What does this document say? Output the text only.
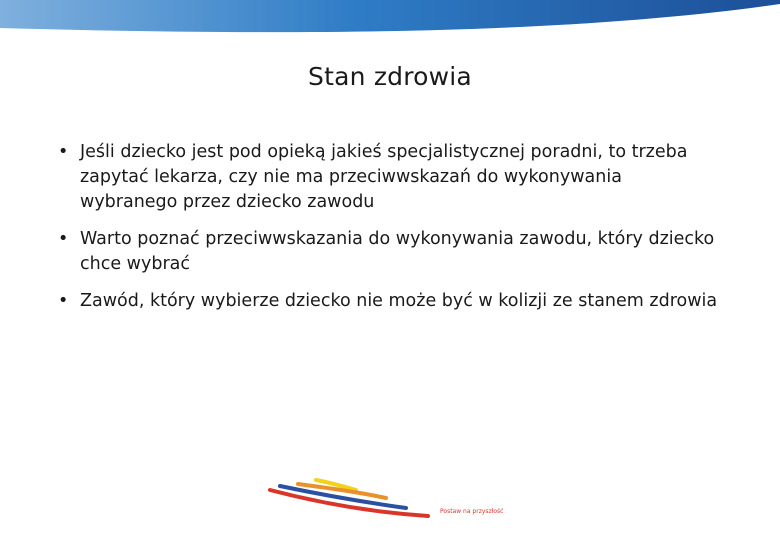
Stan zdrowia
• Jeśli dziecko jest pod opieką jakieś specjalistycznej poradni, to trzeba zapytać lekarza, czy nie ma przeciwwskazań do wykonywania wybranego przez dziecko zawodu
• Warto poznać przeciwwskazania do wykonywania zawodu, który dziecko chce wybrać
• Zawód, który wybierze dziecko nie może być w kolizji ze stanem zdrowia
Postaw na przyszłość
